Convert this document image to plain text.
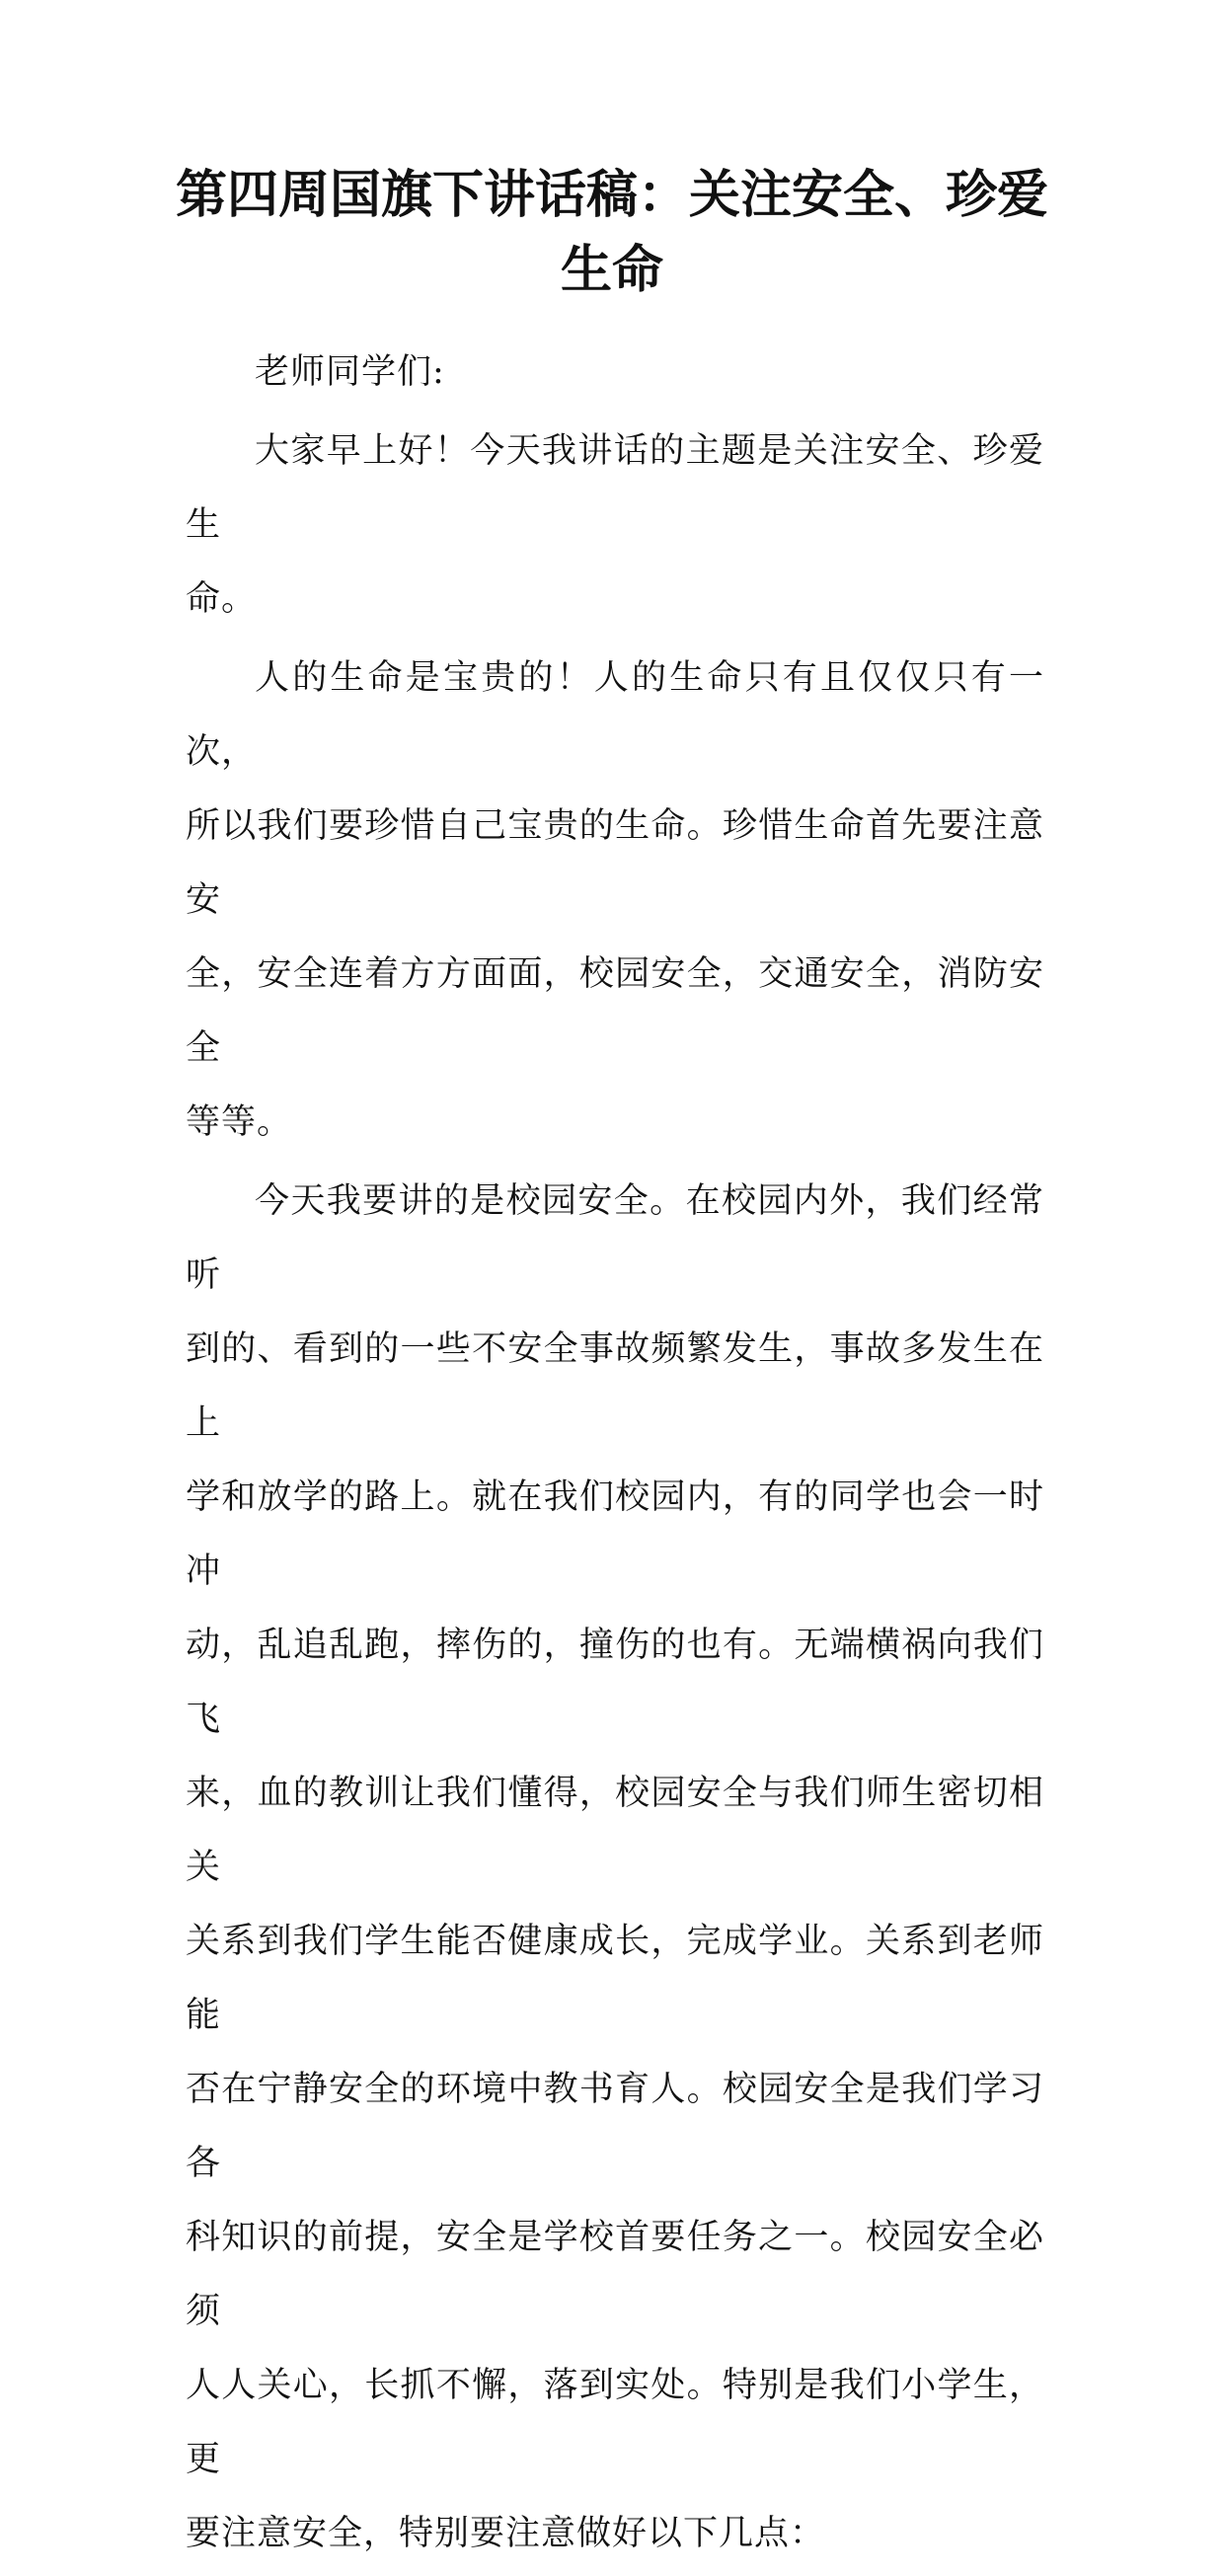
第四周国旗下讲话稿：关注安全、珍爱
生命

老师同学们:

大家早上好！今天我讲话的主题是关注安全、珍爱生
命。

人的生命是宝贵的！人的生命只有且仅仅只有一次，
所以我们要珍惜自己宝贵的生命。珍惜生命首先要注意安
全，安全连着方方面面，校园安全，交通安全，消防安全
等等。

今天我要讲的是校园安全。在校园内外，我们经常听
到的、看到的一些不安全事故频繁发生，事故多发生在上
学和放学的路上。就在我们校园内，有的同学也会一时冲
动，乱追乱跑，摔伤的，撞伤的也有。无端横祸向我们飞
来，血的教训让我们懂得，校园安全与我们师生密切相关
关系到我们学生能否健康成长，完成学业。关系到老师能
否在宁静安全的环境中教书育人。校园安全是我们学习各
科知识的前提，安全是学校首要任务之一。校园安全必须
人人关心，长抓不懈，落到实处。特别是我们小学生，更
要注意安全，特别要注意做好以下几点：
